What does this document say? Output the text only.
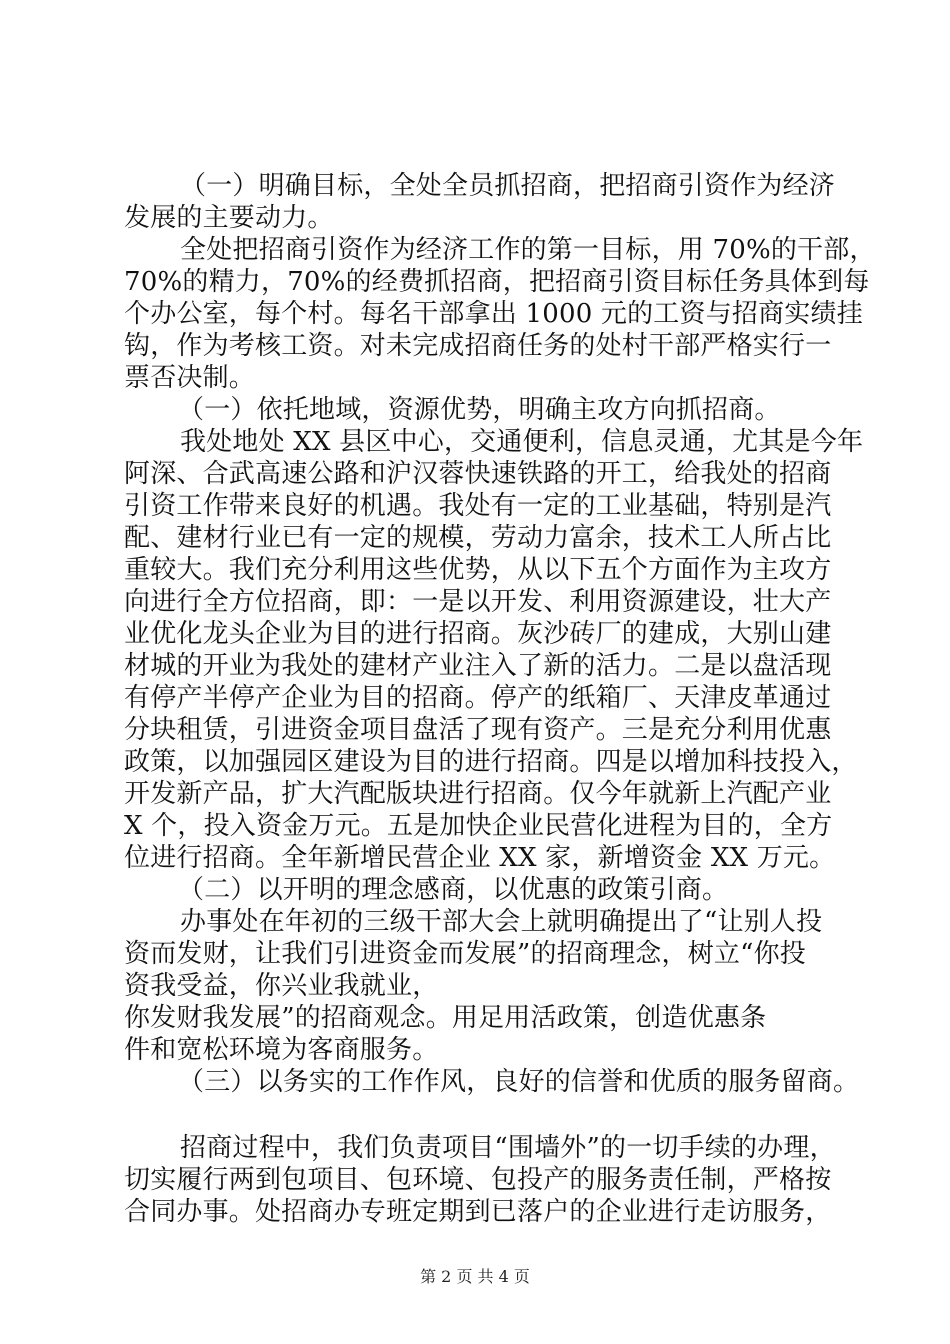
（一）明确目标，全处全员抓招商，把招商引资作为经济
发展的主要动力。
全处把招商引资作为经济工作的第一目标，用 70%的干部，
70%的精力，70%的经费抓招商，把招商引资目标任务具体到每
个办公室，每个村。每名干部拿出 1000 元的工资与招商实绩挂
钩，作为考核工资。对未完成招商任务的处村干部严格实行一
票否决制。
（一）依托地域，资源优势，明确主攻方向抓招商。
我处地处 XX 县区中心，交通便利，信息灵通，尤其是今年
阿深、合武高速公路和沪汉蓉快速铁路的开工，给我处的招商
引资工作带来良好的机遇。我处有一定的工业基础，特别是汽
配、建材行业已有一定的规模，劳动力富余，技术工人所占比
重较大。我们充分利用这些优势，从以下五个方面作为主攻方
向进行全方位招商，即：一是以开发、利用资源建设，壮大产
业优化龙头企业为目的进行招商。灰沙砖厂的建成，大别山建
材城的开业为我处的建材产业注入了新的活力。二是以盘活现
有停产半停产企业为目的招商。停产的纸箱厂、天津皮革通过
分块租赁，引进资金项目盘活了现有资产。三是充分利用优惠
政策，以加强园区建设为目的进行招商。四是以增加科技投入，
开发新产品，扩大汽配版块进行招商。仅今年就新上汽配产业
X 个，投入资金万元。五是加快企业民营化进程为目的，全方
位进行招商。全年新增民营企业 XX 家，新增资金 XX 万元。
（二）以开明的理念感商，以优惠的政策引商。
办事处在年初的三级干部大会上就明确提出了“让别人投
资而发财，让我们引进资金而发展”的招商理念，树立“你投
资我受益，你兴业我就业，
你发财我发展”的招商观念。用足用活政策，创造优惠条
件和宽松环境为客商服务。
（三）以务实的工作作风，良好的信誉和优质的服务留商。
招商过程中，我们负责项目“围墙外”的一切手续的办理，
切实履行两到包项目、包环境、包投产的服务责任制，严格按
合同办事。处招商办专班定期到已落户的企业进行走访服务，
第 2 页 共 4 页
